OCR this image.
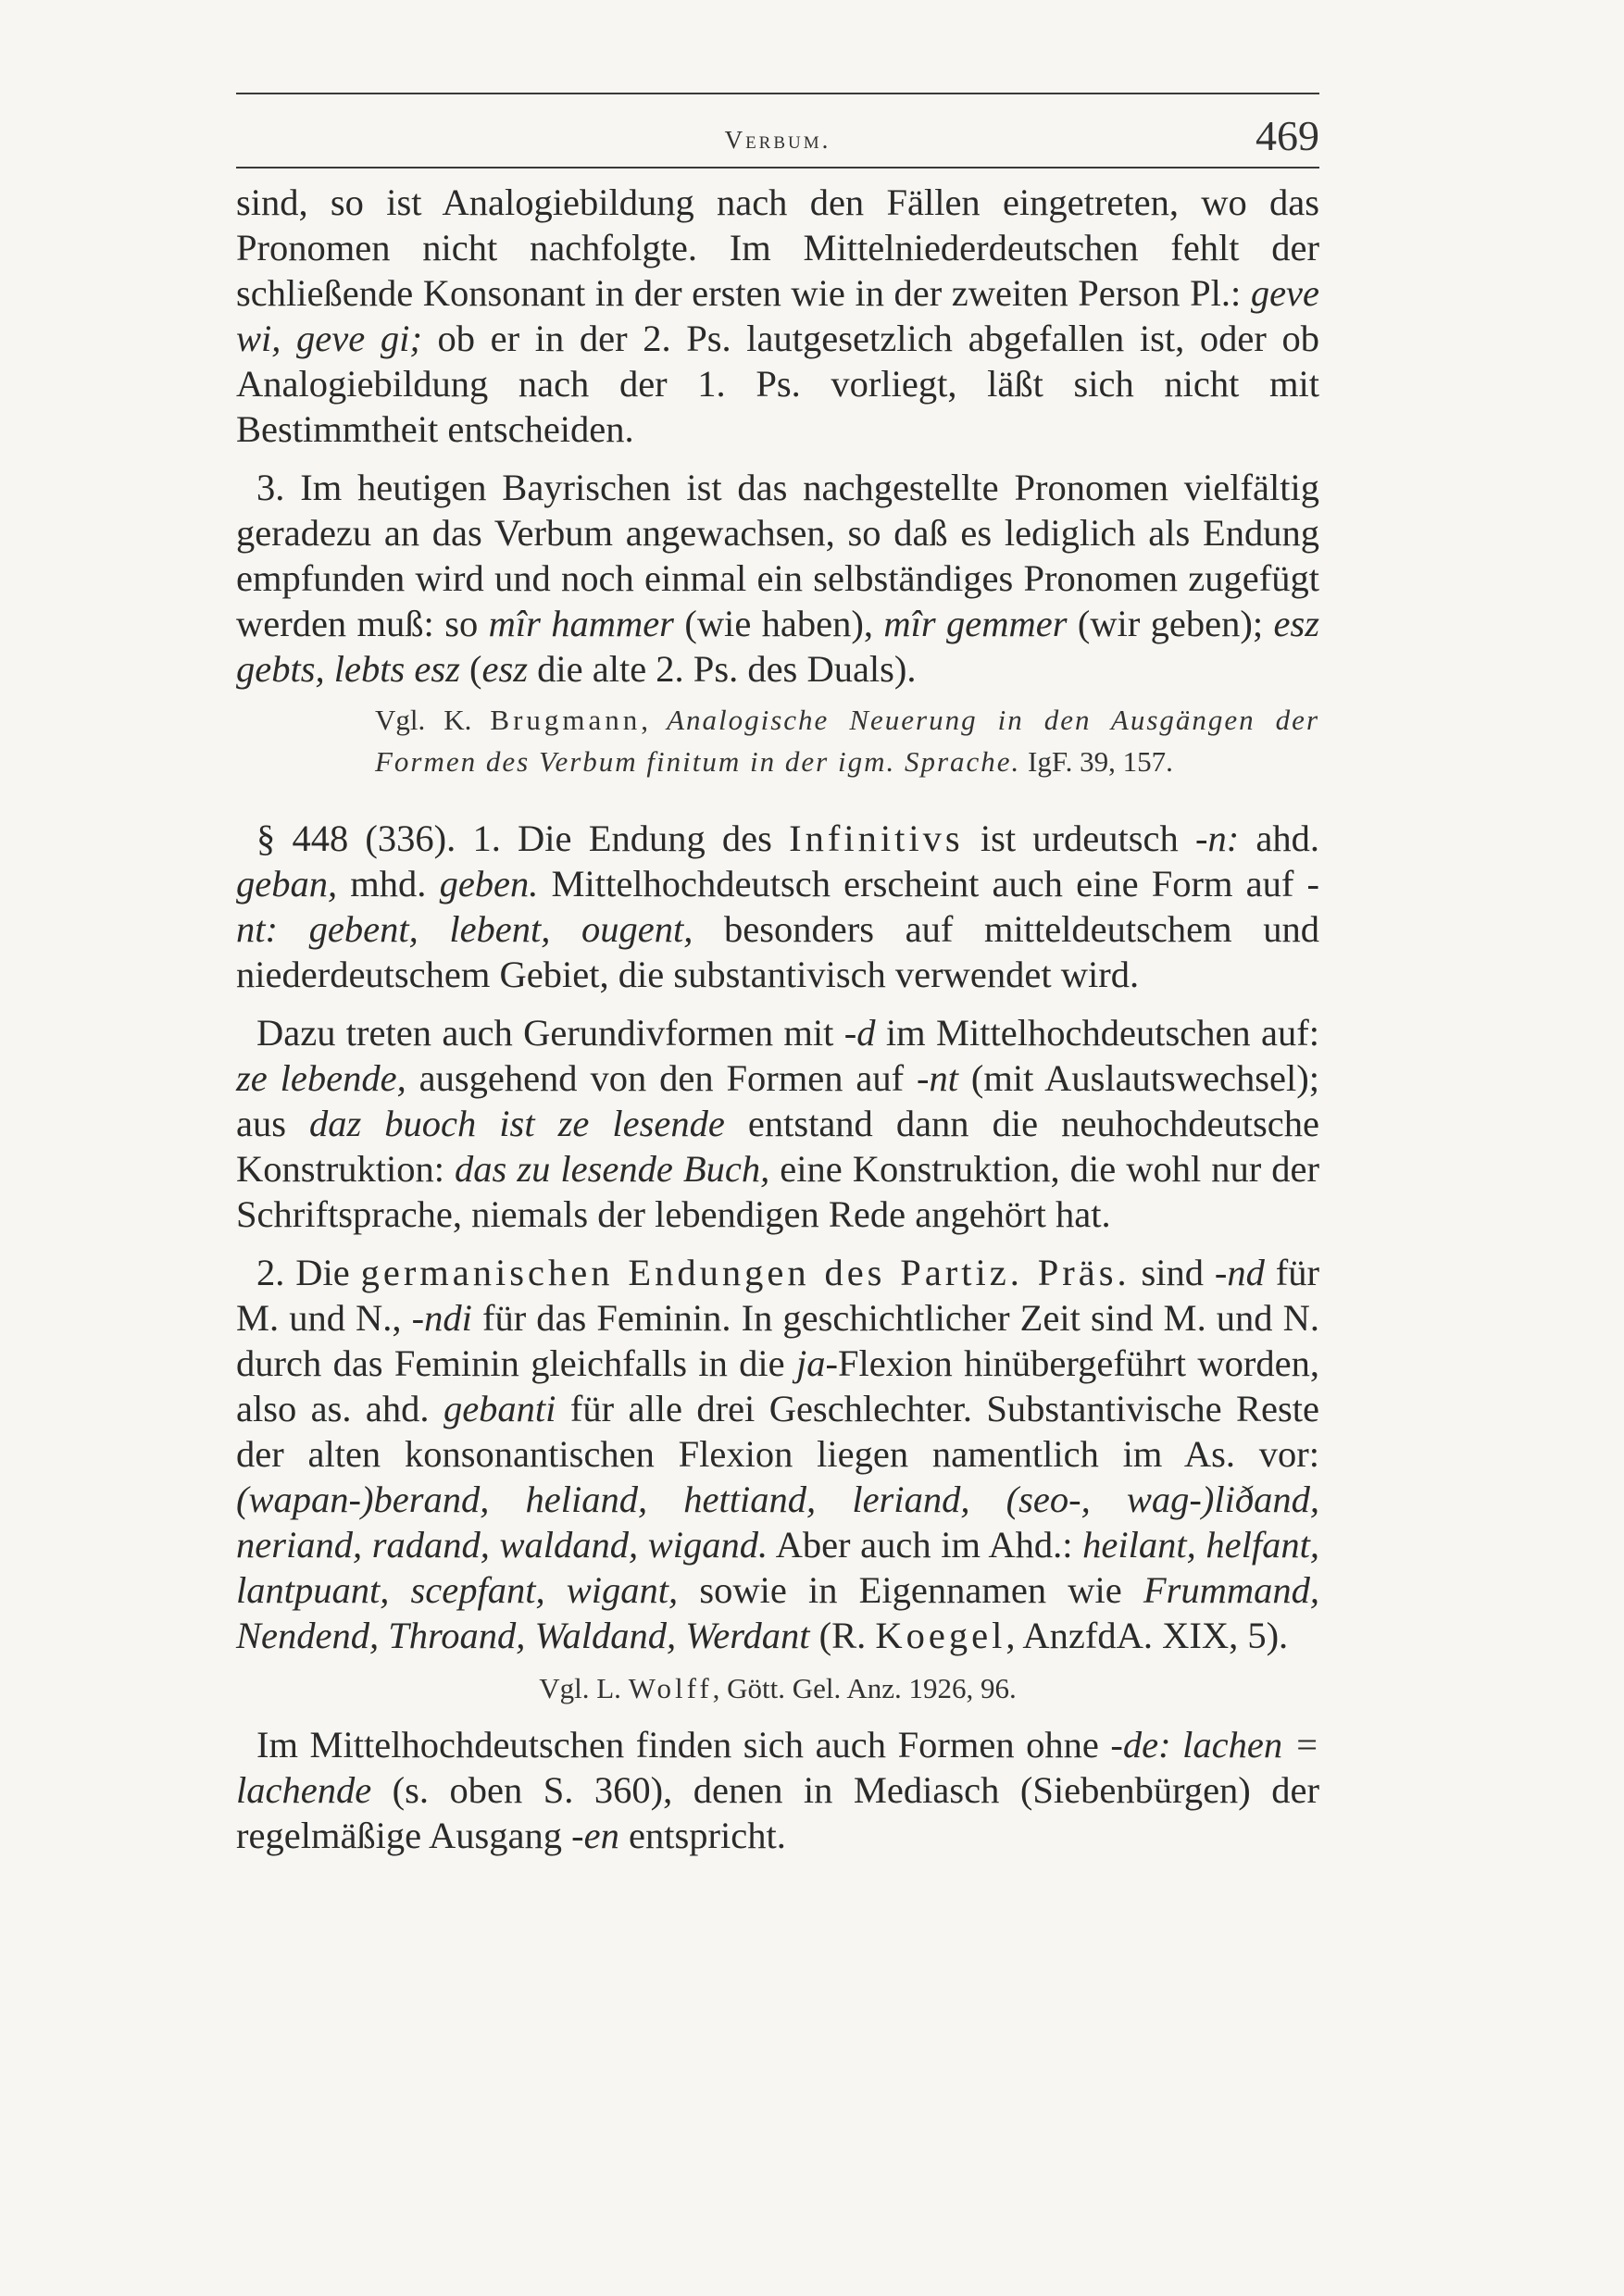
Verbum.	469

sind, so ist Analogiebildung nach den Fällen eingetreten, wo das Pronomen nicht nachfolgte. Im Mittelniederdeutschen fehlt der schließende Konsonant in der ersten wie in der zweiten Person Pl.: geve wi, geve gi; ob er in der 2. Ps. lautgesetzlich abgefallen ist, oder ob Analogiebildung nach der 1. Ps. vorliegt, läßt sich nicht mit Bestimmtheit entscheiden.

3. Im heutigen Bayrischen ist das nachgestellte Pronomen vielfältig geradezu an das Verbum angewachsen, so daß es lediglich als Endung empfunden wird und noch einmal ein selbständiges Pronomen zugefügt werden muß: so mîr hammer (wie haben), mîr gemmer (wir geben); esz gebts, lebts esz (esz die alte 2. Ps. des Duals).

Vgl. K. Brugmann, Analogische Neuerung in den Ausgängen der Formen des Verbum finitum in der igm. Sprache. IgF. 39, 157.

§ 448 (336). 1. Die Endung des Infinitivs ist urdeutsch -n: ahd. geban, mhd. geben. Mittelhochdeutsch erscheint auch eine Form auf -nt: gebent, lebent, ougent, besonders auf mitteldeutschem und niederdeutschem Gebiet, die substantivisch verwendet wird.

Dazu treten auch Gerundivformen mit -d im Mittelhochdeutschen auf: ze lebende, ausgehend von den Formen auf -nt (mit Auslautswechsel); aus daz buoch ist ze lesende entstand dann die neuhochdeutsche Konstruktion: das zu lesende Buch, eine Konstruktion, die wohl nur der Schriftsprache, niemals der lebendigen Rede angehört hat.

2. Die germanischen Endungen des Partiz. Präs. sind -nd für M. und N., -ndi für das Feminin. In geschichtlicher Zeit sind M. und N. durch das Feminin gleichfalls in die ja-Flexion hinübergeführt worden, also as. ahd. gebanti für alle drei Geschlechter. Substantivische Reste der alten konsonantischen Flexion liegen namentlich im As. vor: (wapan-)berand, heliand, hettiand, leriand, (seo-, wag-)liðand, neriand, radand, waldand, wigand. Aber auch im Ahd.: heilant, helfant, lantpuant, scepfant, wigant, sowie in Eigennamen wie Frummand, Nendend, Throand, Waldand, Werdant (R. Koegel, AnzfdA. XIX, 5).

Vgl. L. Wolff, Gött. Gel. Anz. 1926, 96.

Im Mittelhochdeutschen finden sich auch Formen ohne -de: lachen = lachende (s. oben S. 360), denen in Mediasch (Siebenbürgen) der regelmäßige Ausgang -en entspricht.
